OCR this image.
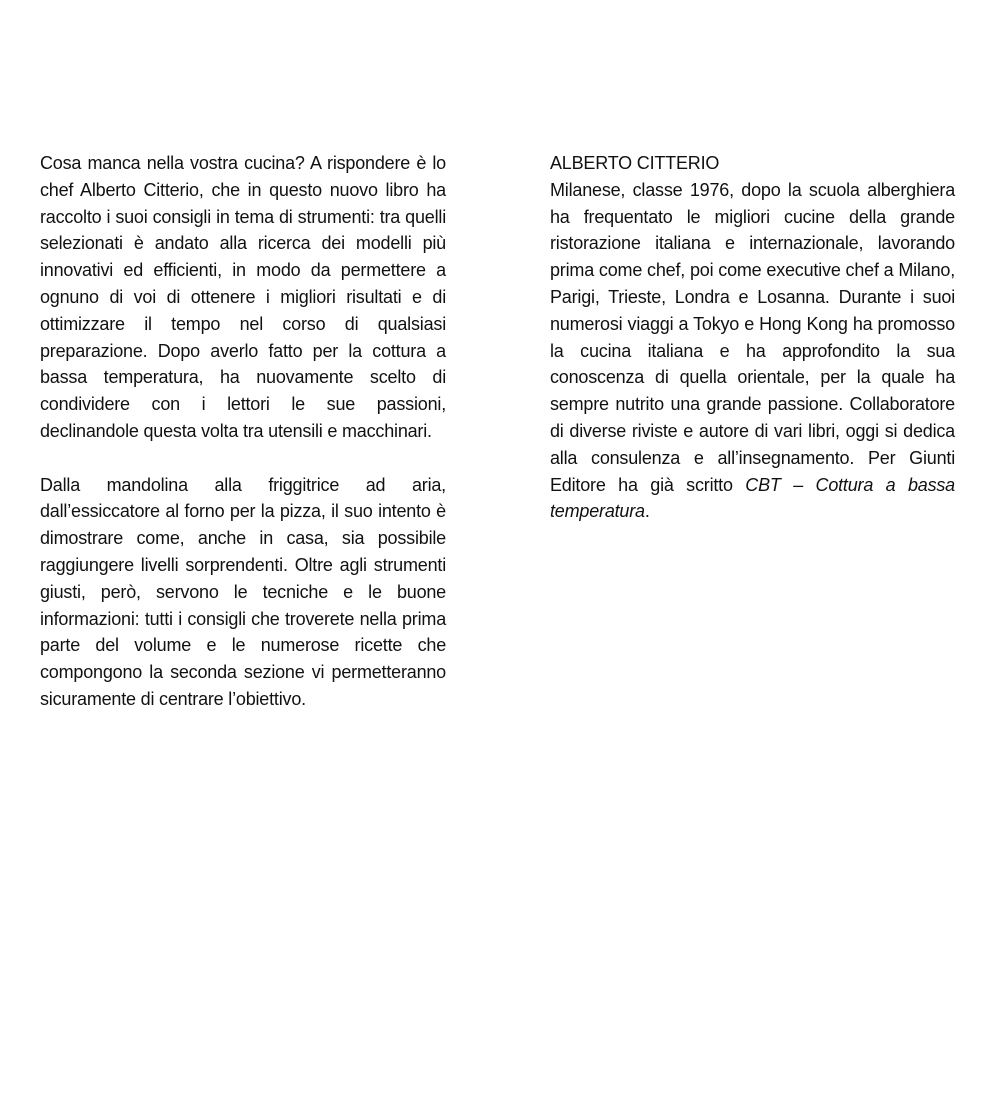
Cosa manca nella vostra cucina? A rispondere è lo chef Alberto Citterio, che in questo nuovo libro ha raccolto i suoi consigli in tema di strumenti: tra quelli selezionati è andato alla ricerca dei modelli più innovativi ed efficienti, in modo da permettere a ognuno di voi di ottenere i migliori risultati e di ottimizzare il tempo nel corso di qualsiasi preparazione. Dopo averlo fatto per la cottura a bassa temperatura, ha nuovamente scelto di condividere con i lettori le sue passioni, declinandole questa volta tra utensili e macchinari.

Dalla mandolina alla friggitrice ad aria, dall’essiccatore al forno per la pizza, il suo intento è dimostrare come, anche in casa, sia possibile raggiungere livelli sorprendenti. Oltre agli strumenti giusti, però, servono le tecniche e le buone informazioni: tutti i consigli che troverete nella prima parte del volume e le numerose ricette che compongono la seconda sezione vi permetteranno sicuramente di centrare l’obiettivo.

ALBERTO CITTERIO

Milanese, classe 1976, dopo la scuola alberghiera ha frequentato le migliori cucine della grande ristorazione italiana e internazionale, lavorando prima come chef, poi come executive chef a Milano, Parigi, Trieste, Londra e Losanna. Durante i suoi numerosi viaggi a Tokyo e Hong Kong ha promosso la cucina italiana e ha approfondito la sua conoscenza di quella orientale, per la quale ha sempre nutrito una grande passione. Collaboratore di diverse riviste e autore di vari libri, oggi si dedica alla consulenza e all’insegnamento. Per Giunti Editore ha già scritto CBT – Cottura a bassa temperatura.
